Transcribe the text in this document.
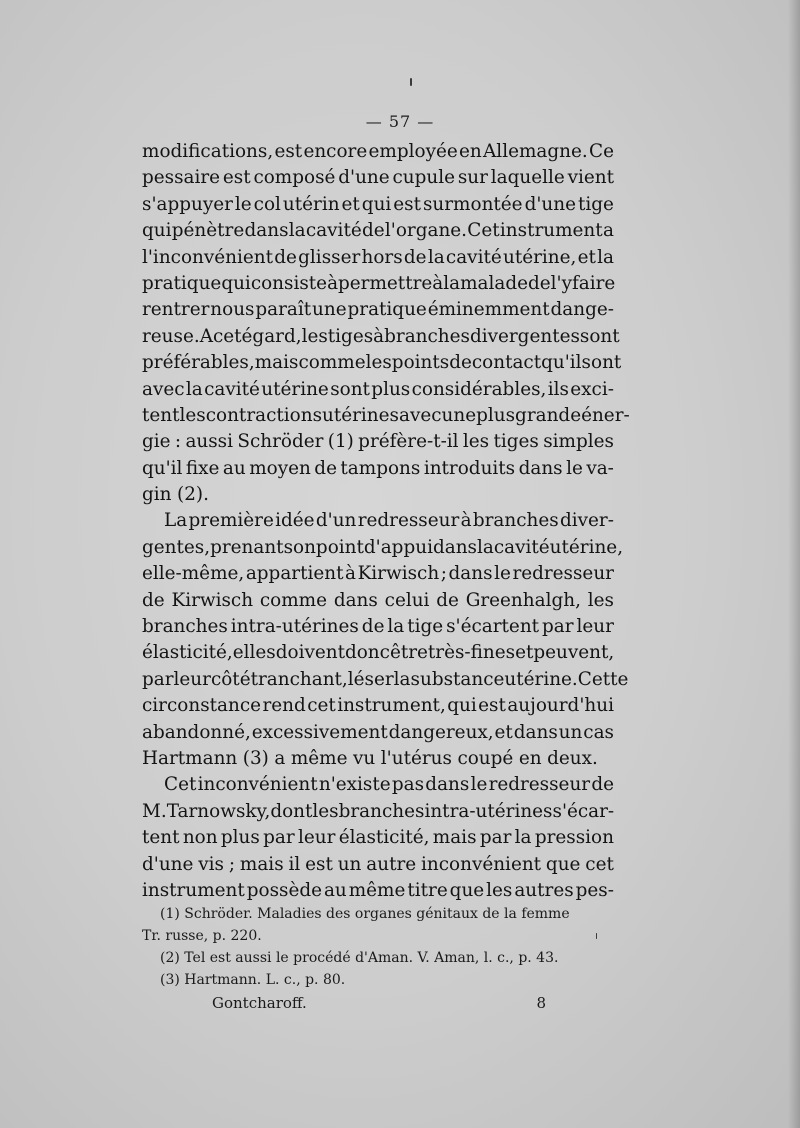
— 57 —
modifications, est encore employée en Allemagne. Ce
pessaire est composé d'une cupule sur laquelle vient
s'appuyer le col utérin et qui est surmontée d'une tige
qui pénètre dans la cavité de l'organe. Cet instrument a
l'inconvénient de glisser hors de la cavité utérine, et la
pratique qui consiste à permettre à la malade de l'y faire
rentrer nous paraît une pratique éminemment dange-
reuse. A cet égard, les tiges à branches divergentes sont
préférables, mais comme les points de contact qu'ils ont
avec la cavité utérine sont plus considérables, ils exci-
tent les contractions utérines avec une plus grande éner-
gie : aussi Schröder (1) préfère-t-il les tiges simples
qu'il fixe au moyen de tampons introduits dans le va-
gin (2).
La première idée d'un redresseur à branches diver-
gentes, prenant son point d'appui dans la cavité utérine,
elle-même, appartient à Kirwisch ; dans le redresseur
de Kirwisch comme dans celui de Greenhalgh, les
branches intra-utérines de la tige s'écartent par leur
élasticité, elles doivent donc être très-fines et peuvent,
par leur côté tranchant, léser la substance utérine. Cette
circonstance rend cet instrument, qui est aujourd'hui
abandonné, excessivement dangereux, et dans un cas
Hartmann (3) a même vu l'utérus coupé en deux.
Cet inconvénient n'existe pas dans le redresseur de
M. Tarnowsky, dont les branches intra-utérines s'écar-
tent non plus par leur élasticité, mais par la pression
d'une vis ; mais il est un autre inconvénient que cet
instrument possède au même titre que les autres pes-
(1) Schröder. Maladies des organes génitaux de la femme
Tr. russe, p. 220.
(2) Tel est aussi le procédé d'Aman. V. Aman, l. c., p. 43.
(3) Hartmann. L. c., p. 80.
Gontcharoff.	8
